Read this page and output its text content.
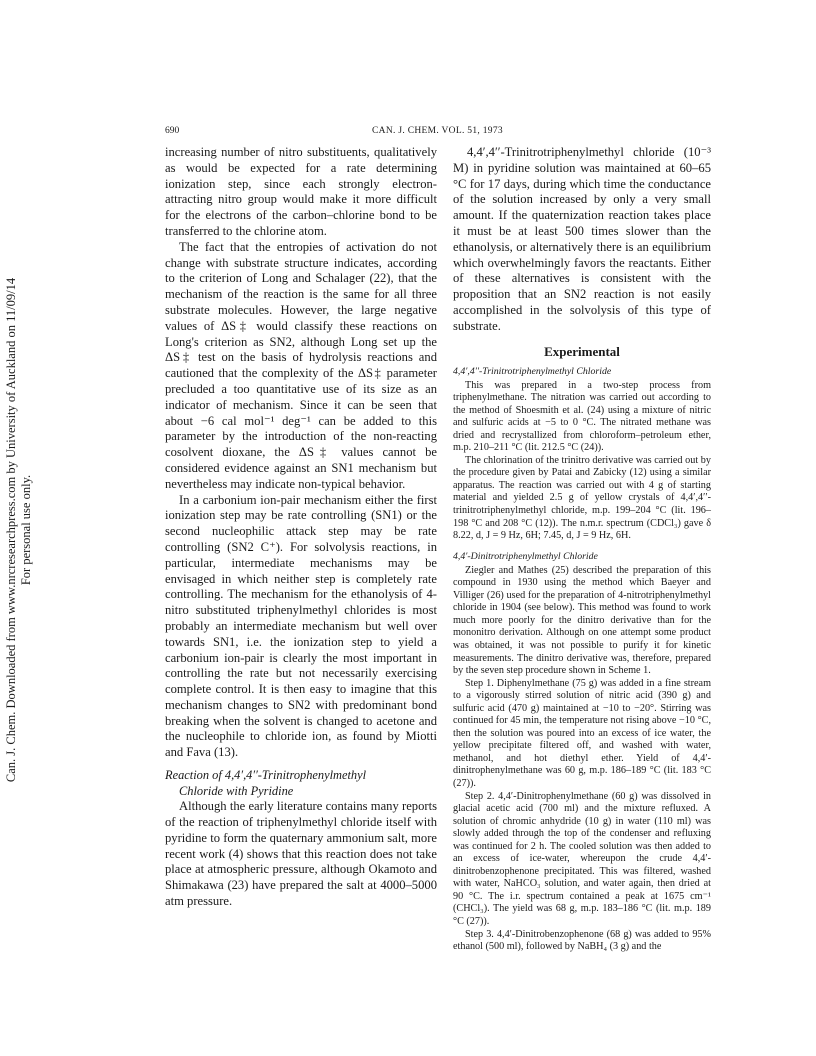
Can. J. Chem. Downloaded from www.nrcresearchpress.com by University of Auckland on 11/09/14 For personal use only.
690	CAN. J. CHEM. VOL. 51, 1973

increasing number of nitro substituents, qualitatively as would be expected for a rate determining ionization step, since each strongly electron-attracting nitro group would make it more difficult for the electrons of the carbon–chlorine bond to be transferred to the chlorine atom.

The fact that the entropies of activation do not change with substrate structure indicates, according to the criterion of Long and Schalager (22), that the mechanism of the reaction is the same for all three substrate molecules. However, the large negative values of ΔS‡ would classify these reactions on Long's criterion as SN2, although Long set up the ΔS‡ test on the basis of hydrolysis reactions and cautioned that the complexity of the ΔS‡ parameter precluded a too quantitative use of its size as an indicator of mechanism. Since it can be seen that about −6 cal mol⁻¹ deg⁻¹ can be added to this parameter by the introduction of the non-reacting cosolvent dioxane, the ΔS‡ values cannot be considered evidence against an SN1 mechanism but nevertheless may indicate non-typical behavior.

In a carbonium ion-pair mechanism either the first ionization step may be rate controlling (SN1) or the second nucleophilic attack step may be rate controlling (SN2 C⁺). For solvolysis reactions, in particular, intermediate mechanisms may be envisaged in which neither step is completely rate controlling. The mechanism for the ethanolysis of 4-nitro substituted triphenylmethyl chlorides is most probably an intermediate mechanism but well over towards SN1, i.e. the ionization step to yield a carbonium ion-pair is clearly the most important in controlling the rate but not necessarily exercising complete control. It is then easy to imagine that this mechanism changes to SN2 with predominant bond breaking when the solvent is changed to acetone and the nucleophile to chloride ion, as found by Miotti and Fava (13).

Reaction of 4,4′,4′′-Trinitrophenylmethyl
Chloride with Pyridine

Although the early literature contains many reports of the reaction of triphenylmethyl chloride itself with pyridine to form the quaternary ammonium salt, more recent work (4) shows that this reaction does not take place at atmospheric pressure, although Okamoto and Shimakawa (23) have prepared the salt at 4000–5000 atm pressure.

4,4′,4′′-Trinitrotriphenylmethyl chloride (10⁻³ M) in pyridine solution was maintained at 60–65 °C for 17 days, during which time the conductance of the solution increased by only a very small amount. If the quaternization reaction takes place it must be at least 500 times slower than the ethanolysis, or alternatively there is an equilibrium which overwhelmingly favors the reactants. Either of these alternatives is consistent with the proposition that an SN2 reaction is not easily accomplished in the solvolysis of this type of substrate.

Experimental
4,4′,4′′-Trinitrotriphenylmethyl Chloride

This was prepared in a two-step process from triphenylmethane. The nitration was carried out according to the method of Shoesmith et al. (24) using a mixture of nitric and sulfuric acids at −5 to 0 °C. The nitrated methane was dried and recrystallized from chloroform–petroleum ether, m.p. 210–211 °C (lit. 212.5 °C (24)).

The chlorination of the trinitro derivative was carried out by the procedure given by Patai and Zabicky (12) using a similar apparatus. The reaction was carried out with 4 g of starting material and yielded 2.5 g of yellow crystals of 4,4′,4′′-trinitrotriphenylmethyl chloride, m.p. 199–204 °C (lit. 196–198 °C and 208 °C (12)). The n.m.r. spectrum (CDCl₃) gave δ 8.22, d, J = 9 Hz, 6H; 7.45, d, J = 9 Hz, 6H.

4,4′-Dinitrotriphenylmethyl Chloride

Ziegler and Mathes (25) described the preparation of this compound in 1930 using the method which Baeyer and Villiger (26) used for the preparation of 4-nitrotriphenylmethyl chloride in 1904 (see below). This method was found to work much more poorly for the dinitro derivative than for the mononitro derivation. Although on one attempt some product was obtained, it was not possible to purify it for kinetic measurements. The dinitro derivative was, therefore, prepared by the seven step procedure shown in Scheme 1.

Step 1. Diphenylmethane (75 g) was added in a fine stream to a vigorously stirred solution of nitric acid (390 g) and sulfuric acid (470 g) maintained at −10 to −20°. Stirring was continued for 45 min, the temperature not rising above −10 °C, then the solution was poured into an excess of ice water, the yellow precipitate filtered off, and washed with water, methanol, and hot diethyl ether. Yield of 4,4′-dinitrophenylmethane was 60 g, m.p. 186–189 °C (lit. 183 °C (27)).

Step 2. 4,4′-Dinitrophenylmethane (60 g) was dissolved in glacial acetic acid (700 ml) and the mixture refluxed. A solution of chromic anhydride (10 g) in water (110 ml) was slowly added through the top of the condenser and refluxing was continued for 2 h. The cooled solution was then added to an excess of ice-water, whereupon the crude 4,4′-dinitrobenzophenone precipitated. This was filtered, washed with water, NaHCO₃ solution, and water again, then dried at 90 °C. The i.r. spectrum contained a peak at 1675 cm⁻¹ (CHCl₃). The yield was 68 g, m.p. 183–186 °C (lit. m.p. 189 °C (27)).

Step 3. 4,4′-Dinitrobenzophenone (68 g) was added to 95% ethanol (500 ml), followed by NaBH₄ (3 g) and the
